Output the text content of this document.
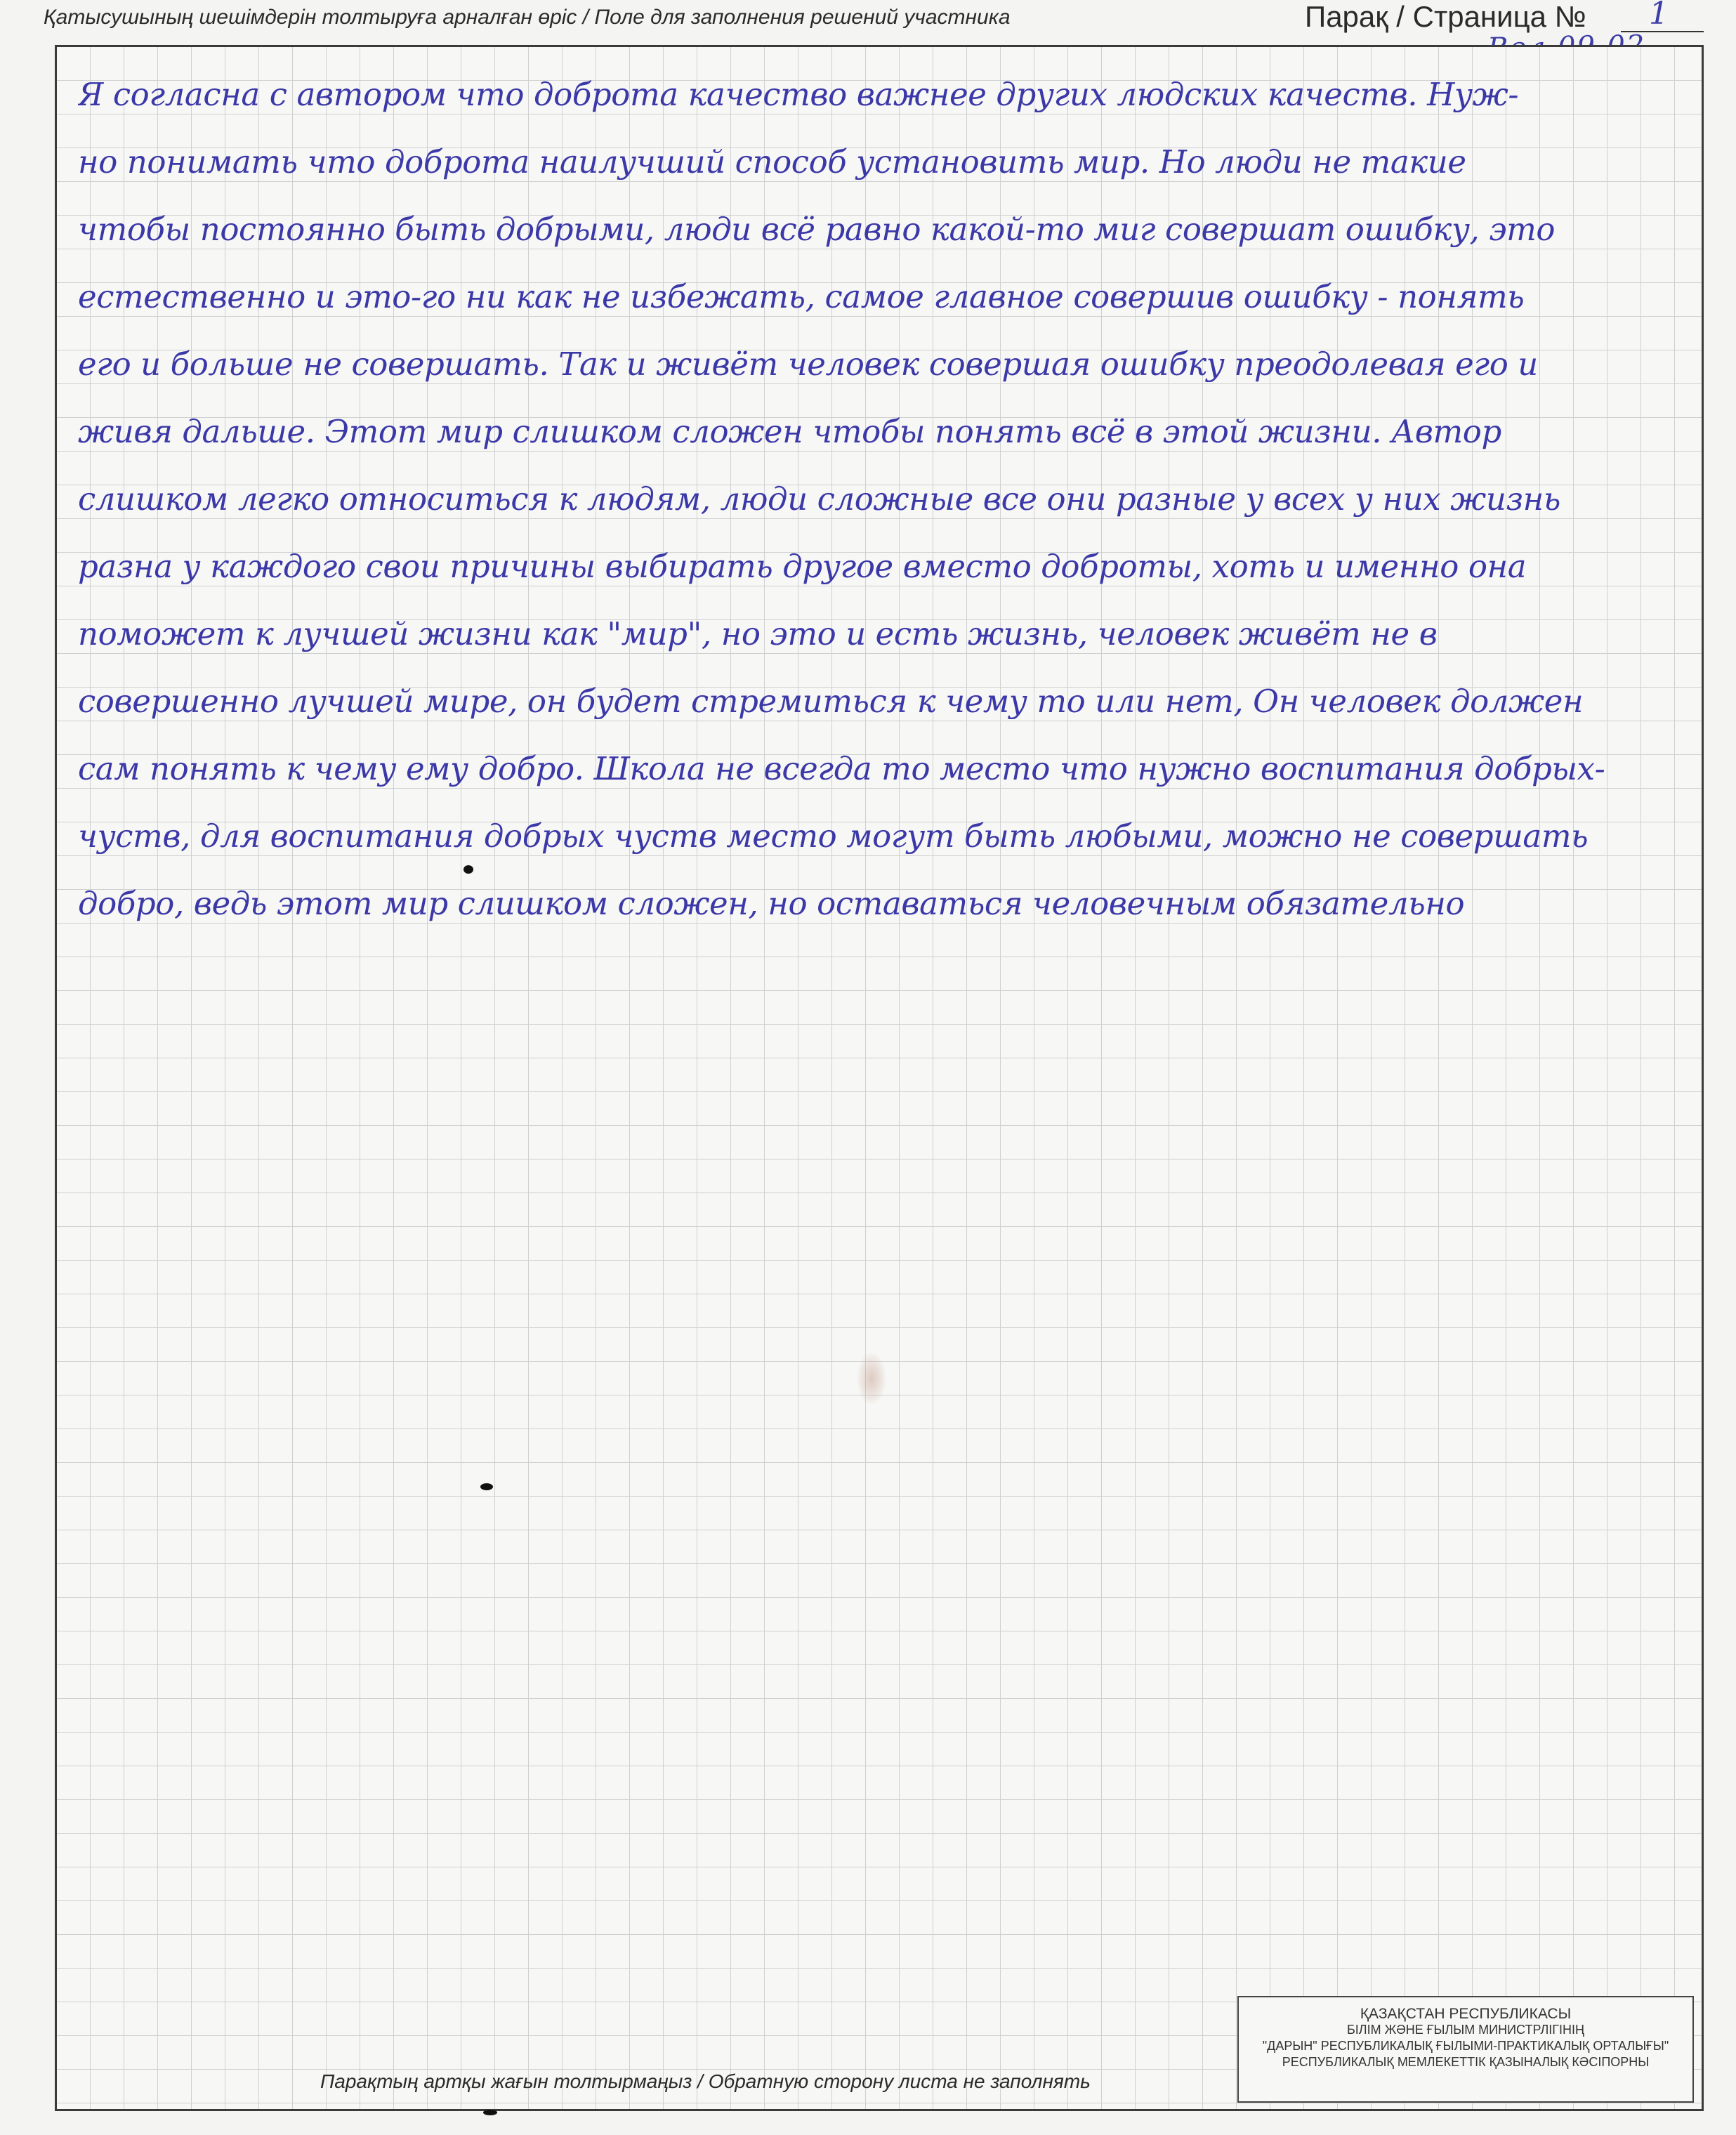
Қатысушының шешімдерін толтыруға арналған өріс / Поле для заполнения решений участника	Парақ / Страница № 1
Я согласна с автором что доброта качество важнее других людских качеств. Нуж-
но понимать что доброта наилучший способ установить мир. Но люди не такие
чтобы постоянно быть добрыми, люди всё равно какой-то миг совершат ошибку, это
естественно и это-го ни как не избежать, самое главное совершив ошибку - понять
его и больше не совершать. Так и живёт человек совершая ошибку преодолевая его и
живя дальше. Этот мир слишком сложен чтобы понять всё в этой жизни. Автор
слишком легко относиться к людям, люди сложные все они разные у всех у них жизнь
разна у каждого свои причины выбирать другое вместо доброты, хоть и именно она
поможет к лучшей жизни как "мир", но это и есть жизнь, человек живёт не в
совершенно лучшей мире, он будет стремиться к чему то или нет, Он человек должен
сам понять к чему ему добро. Школа не всегда то место что нужно воспитания добрых-
чуств, для воспитания добрых чуств место могут быть любыми, можно не совершать
добро, ведь этот мир слишком сложен, но оставаться человечным обязательно
Парақтың артқы жағын толтырмаңыз / Обратную сторону листа не заполнять
ҚАЗАҚСТАН РЕСПУБЛИКАСЫ
БІЛІМ ЖӘНЕ ҒЫЛЫМ МИНИСТРЛІГІНІҢ
"ДАРЫН" РЕСПУБЛИКАЛЫҚ ҒЫЛЫМИ-ПРАКТИКАЛЫҚ ОРТАЛЫҒЫ"
РЕСПУБЛИКАЛЫҚ МЕМЛЕКЕТТІК ҚАЗЫНАЛЫҚ КӘСІПОРНЫ
